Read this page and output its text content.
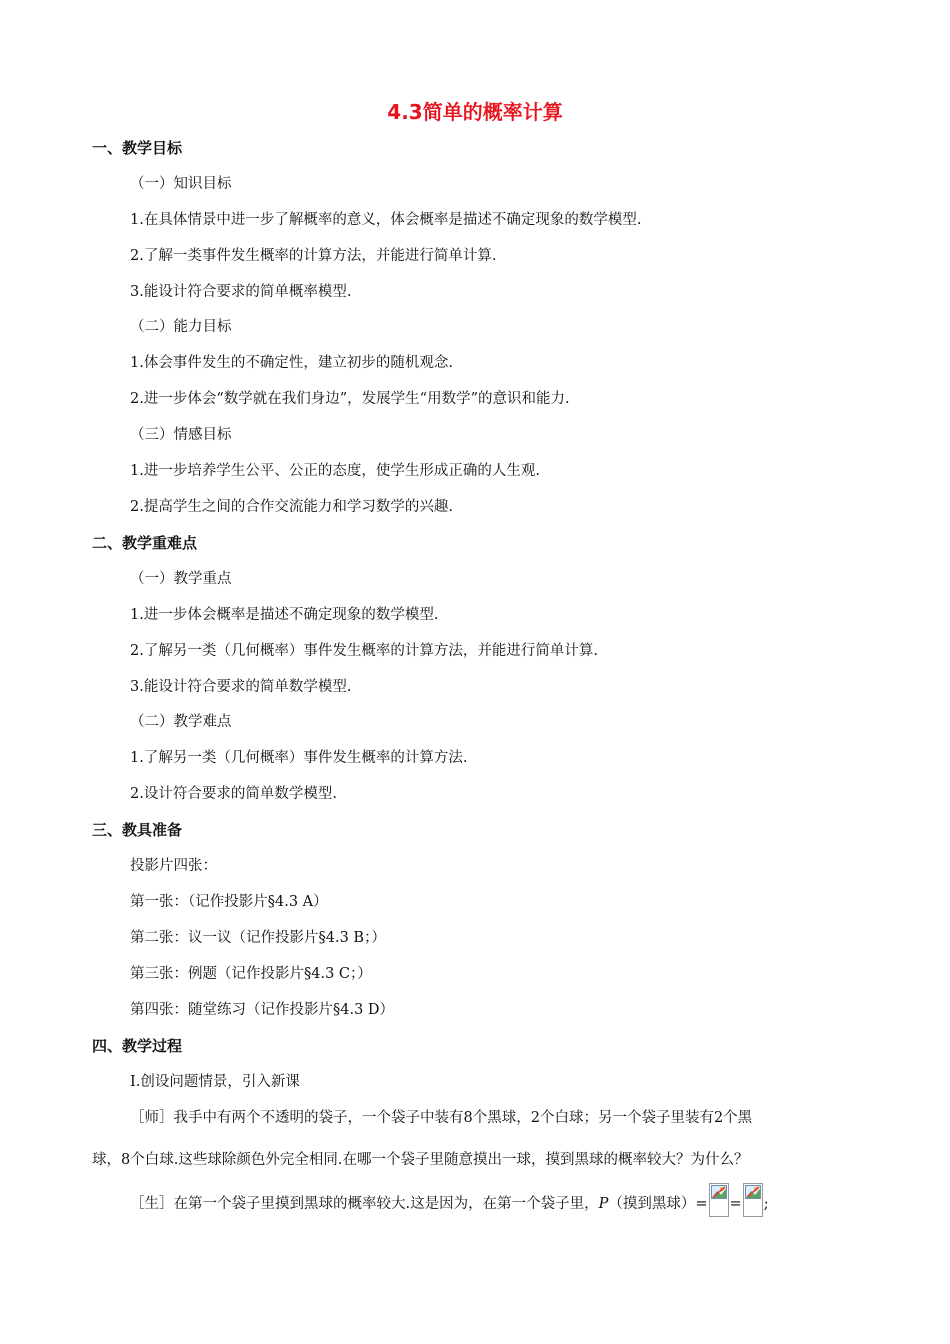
4.3简单的概率计算
一、教学目标
（一）知识目标
1.在具体情景中进一步了解概率的意义，体会概率是描述不确定现象的数学模型.
2.了解一类事件发生概率的计算方法，并能进行简单计算.
3.能设计符合要求的简单概率模型.
（二）能力目标
1.体会事件发生的不确定性，建立初步的随机观念.
2.进一步体会“数学就在我们身边”，发展学生“用数学”的意识和能力.
（三）情感目标
1.进一步培养学生公平、公正的态度，使学生形成正确的人生观.
2.提高学生之间的合作交流能力和学习数学的兴趣.
二、教学重难点
（一）教学重点
1.进一步体会概率是描述不确定现象的数学模型.
2.了解另一类（几何概率）事件发生概率的计算方法，并能进行简单计算.
3.能设计符合要求的简单数学模型.
（二）教学难点
1.了解另一类（几何概率）事件发生概率的计算方法.
2.设计符合要求的简单数学模型.
三、教具准备
投影片四张：
第一张：（记作投影片§4.3 A）
第二张：议一议（记作投影片§4.3 B；）
第三张：例题（记作投影片§4.3 C；）
第四张：随堂练习（记作投影片§4.3 D）
四、教学过程
Ⅰ.创设问题情景，引入新课
［师］我手中有两个不透明的袋子，一个袋子中装有8个黑球，2个白球；另一个袋子里装有2个黑
球，8个白球.这些球除颜色外完全相同.在哪一个袋子里随意摸出一球，摸到黑球的概率较大？为什么？
［生］在第一个袋子里摸到黑球的概率较大.这是因为，在第一个袋子里，P（摸到黑球）= = ;
